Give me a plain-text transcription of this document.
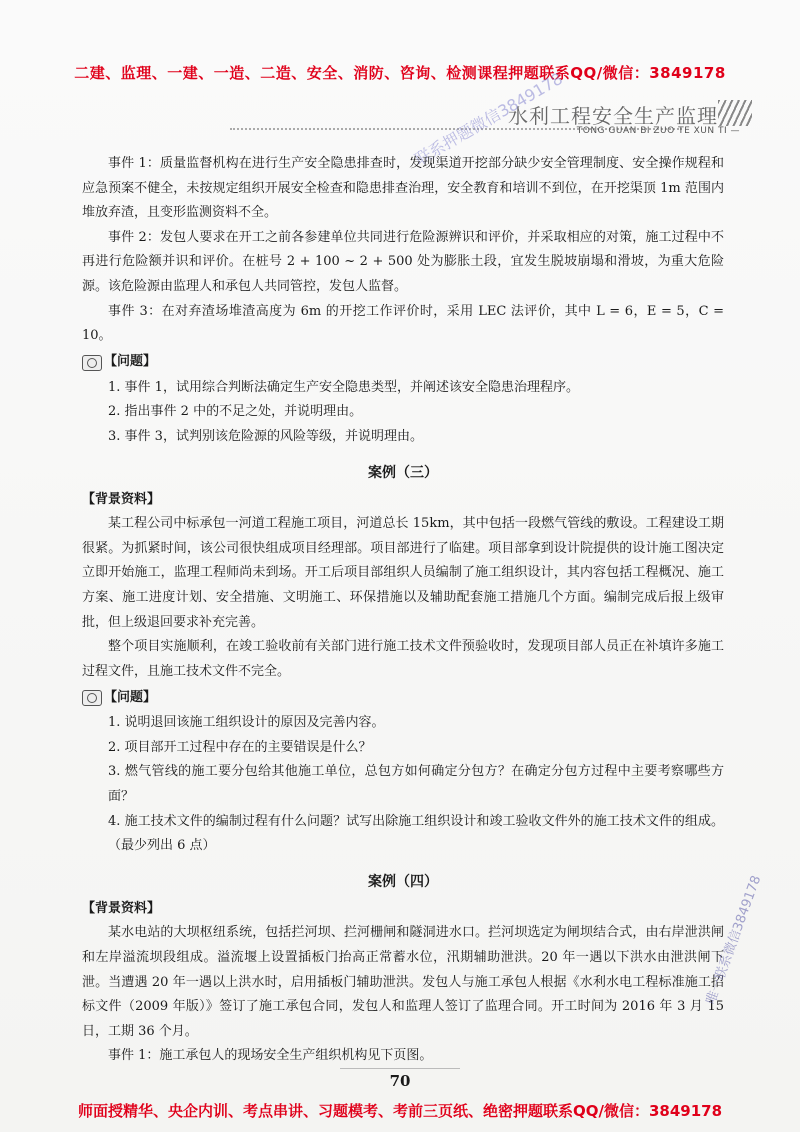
二建、监理、一建、一造、二造、安全、消防、咨询、检测课程押题联系QQ/微信：3849178
水利工程安全生产监理
TONG GUAN BI ZUO TE XUN TI —
联系押题微信3849178

事件 1：质量监督机构在进行生产安全隐患排查时，发现渠道开挖部分缺少安全管理制度、安全操作规程和应急预案不健全，未按规定组织开展安全检查和隐患排查治理，安全教育和培训不到位，在开挖渠顶 1m 范围内堆放弃渣，且变形监测资料不全。

事件 2：发包人要求在开工之前各参建单位共同进行危险源辨识和评价，并采取相应的对策，施工过程中不再进行危险额并识和评价。在桩号 2 + 100 ~ 2 + 500 处为膨胀土段，宜发生脱坡崩塌和滑坡，为重大危险源。该危险源由监理人和承包人共同管控，发包人监督。

事件 3：在对弃渣场堆渣高度为 6m 的开挖工作评价时，采用 LEC 法评价，其中 L = 6，E = 5，C = 10。

【问题】

1. 事件 1，试用综合判断法确定生产安全隐患类型，并阐述该安全隐患治理程序。

2. 指出事件 2 中的不足之处，并说明理由。

3. 事件 3，试判别该危险源的风险等级，并说明理由。

案例（三）
【背景资料】

某工程公司中标承包一河道工程施工项目，河道总长 15km，其中包括一段燃气管线的敷设。工程建设工期很紧。为抓紧时间，该公司很快组成项目经理部。项目部进行了临建。项目部拿到设计院提供的设计施工图决定立即开始施工，监理工程师尚未到场。开工后项目部组织人员编制了施工组织设计，其内容包括工程概况、施工方案、施工进度计划、安全措施、文明施工、环保措施以及辅助配套施工措施几个方面。编制完成后报上级审批，但上级退回要求补充完善。

整个项目实施顺利，在竣工验收前有关部门进行施工技术文件预验收时，发现项目部人员正在补填许多施工过程文件，且施工技术文件不完全。

【问题】

1. 说明退回该施工组织设计的原因及完善内容。

2. 项目部开工过程中存在的主要错误是什么？

3. 燃气管线的施工要分包给其他施工单位，总包方如何确定分包方？在确定分包方过程中主要考察哪些方面？

4. 施工技术文件的编制过程有什么问题？试写出除施工组织设计和竣工验收文件外的施工技术文件的组成。（最少列出 6 点）

案例（四）
【背景资料】

某水电站的大坝枢纽系统，包括拦河坝、拦河栅闸和隧洞进水口。拦河坝选定为闸坝结合式，由右岸泄洪闸和左岸溢流坝段组成。溢流堰上设置插板门抬高正常蓄水位，汛期辅助泄洪。20 年一遇以下洪水由泄洪闸下泄。当遭遇 20 年一遇以上洪水时，启用插板门辅助泄洪。发包人与施工承包人根据《水利水电工程标准施工招标文件（2009 年版）》签订了施工承包合同，发包人和监理人签订了监理合同。开工时间为 2016 年 3 月 15 日，工期 36 个月。

事件 1：施工承包人的现场安全生产组织机构见下页图。

唯一联系微信3849178
70
师面授精华、央企内训、考点串讲、习题模考、考前三页纸、绝密押题联系QQ/微信：3849178
